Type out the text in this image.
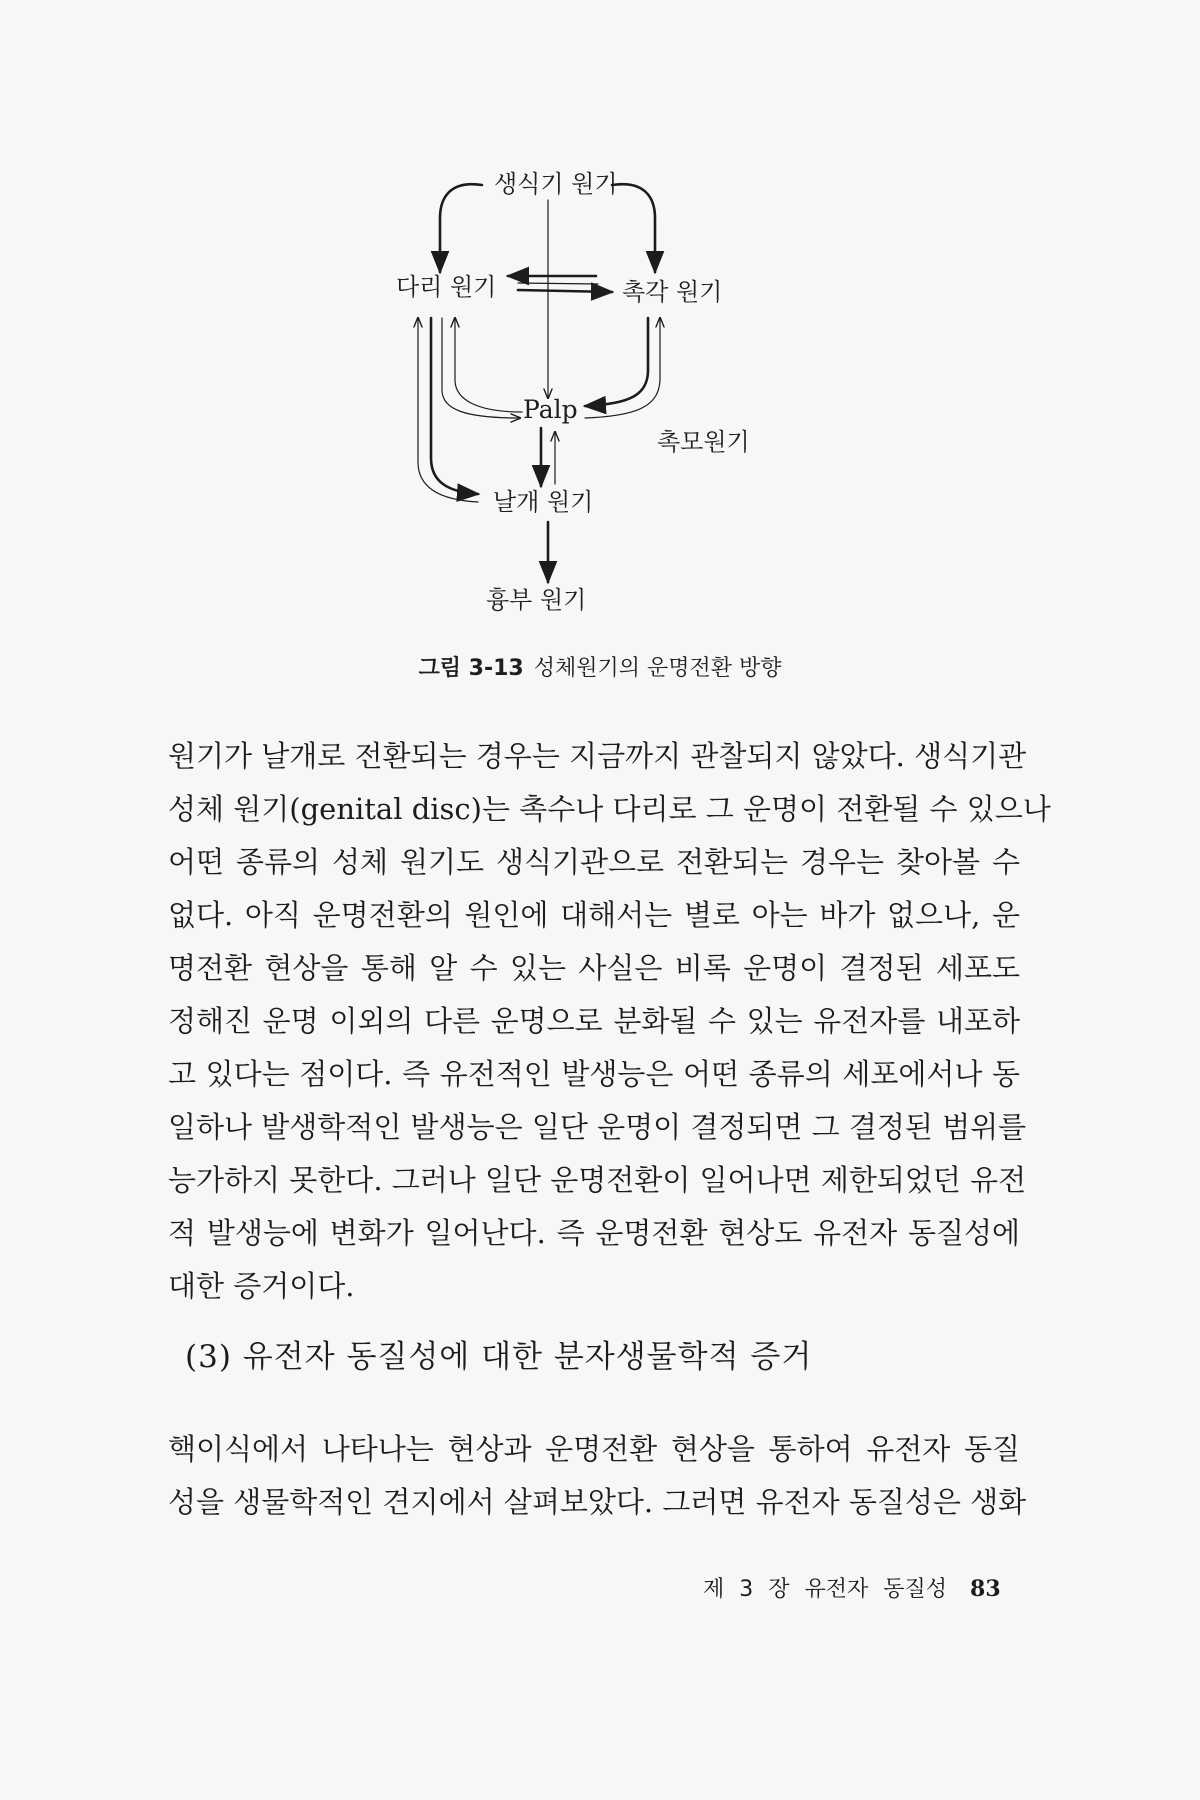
생식기 원기
다리 원기	촉각 원기
Palp
촉모원기
날개 원기
흉부 원기
그림 3-13 성체원기의 운명전환 방향
원기가 날개로 전환되는 경우는 지금까지 관찰되지 않았다. 생식기관
성체 원기(genital disc)는 촉수나 다리로 그 운명이 전환될 수 있으나
어떤 종류의 성체 원기도 생식기관으로 전환되는 경우는 찾아볼 수
없다. 아직 운명전환의 원인에 대해서는 별로 아는 바가 없으나, 운
명전환 현상을 통해 알 수 있는 사실은 비록 운명이 결정된 세포도
정해진 운명 이외의 다른 운명으로 분화될 수 있는 유전자를 내포하
고 있다는 점이다. 즉 유전적인 발생능은 어떤 종류의 세포에서나 동
일하나 발생학적인 발생능은 일단 운명이 결정되면 그 결정된 범위를
능가하지 못한다. 그러나 일단 운명전환이 일어나면 제한되었던 유전
적 발생능에 변화가 일어난다. 즉 운명전환 현상도 유전자 동질성에
대한 증거이다.
(3) 유전자 동질성에 대한 분자생물학적 증거
핵이식에서 나타나는 현상과 운명전환 현상을 통하여 유전자 동질
성을 생물학적인 견지에서 살펴보았다. 그러면 유전자 동질성은 생화
제 3 장 유전자 동질성 83
